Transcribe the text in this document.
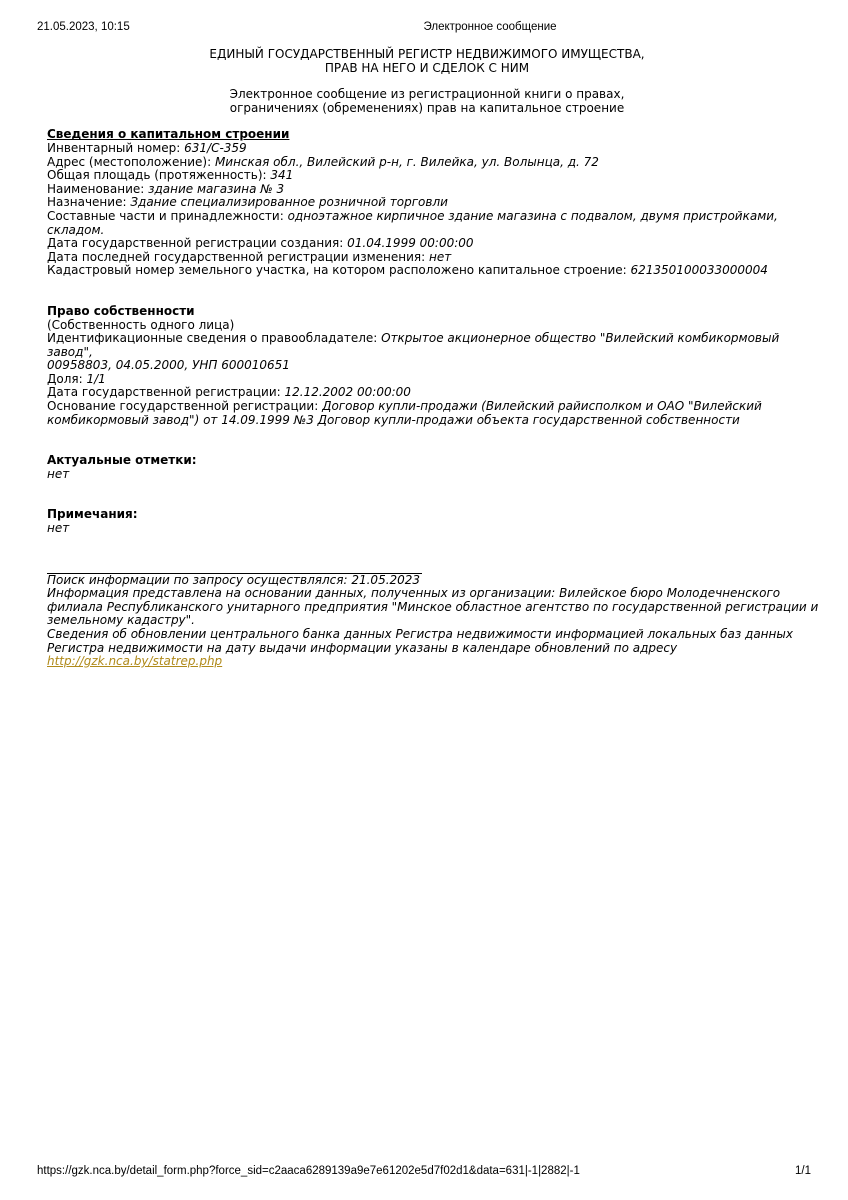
21.05.2023, 10:15	Электронное сообщение
ЕДИНЫЙ ГОСУДАРСТВЕННЫЙ РЕГИСТР НЕДВИЖИМОГО ИМУЩЕСТВА,
ПРАВ НА НЕГО И СДЕЛОК С НИМ
Электронное сообщение из регистрационной книги о правах,
ограничениях (обременениях) прав на капитальное строение
Сведения о капитальном строении
Инвентарный номер: 631/С-359
Адрес (местоположение): Минская обл., Вилейский р-н, г. Вилейка, ул. Волынца, д. 72
Общая площадь (протяженность): 341
Наименование: здание магазина № 3
Назначение: Здание специализированное розничной торговли
Составные части и принадлежности: одноэтажное кирпичное здание магазина с подвалом, двумя пристройками,
складом.
Дата государственной регистрации создания: 01.04.1999 00:00:00
Дата последней государственной регистрации изменения: нет
Кадастровый номер земельного участка, на котором расположено капитальное строение: 621350100033000004
Право собственности
(Собственность одного лица)
Идентификационные сведения о правообладателе: Открытое акционерное общество "Вилейский комбикормовый завод",
00958803, 04.05.2000, УНП 600010651
Доля: 1/1
Дата государственной регистрации: 12.12.2002 00:00:00
Основание государственной регистрации: Договор купли-продажи (Вилейский райисполком и ОАО "Вилейский
комбикормовый завод") от 14.09.1999 №3 Договор купли-продажи объекта государственной собственности
Актуальные отметки:
нет
Примечания:
нет
Поиск информации по запросу осуществлялся: 21.05.2023
Информация представлена на основании данных, полученных из организации: Вилейское бюро Молодечненского
филиала Республиканского унитарного предприятия "Минское областное агентство по государственной регистрации и
земельному кадастру".
Сведения об обновлении центрального банка данных Регистра недвижимости информацией локальных баз данных
Регистра недвижимости на дату выдачи информации указаны в календаре обновлений по адресу
http://gzk.nca.by/statrep.php
https://gzk.nca.by/detail_form.php?force_sid=c2aaca6289139a9e7e61202e5d7f02d1&data=631|-1|2882|-1	1/1
